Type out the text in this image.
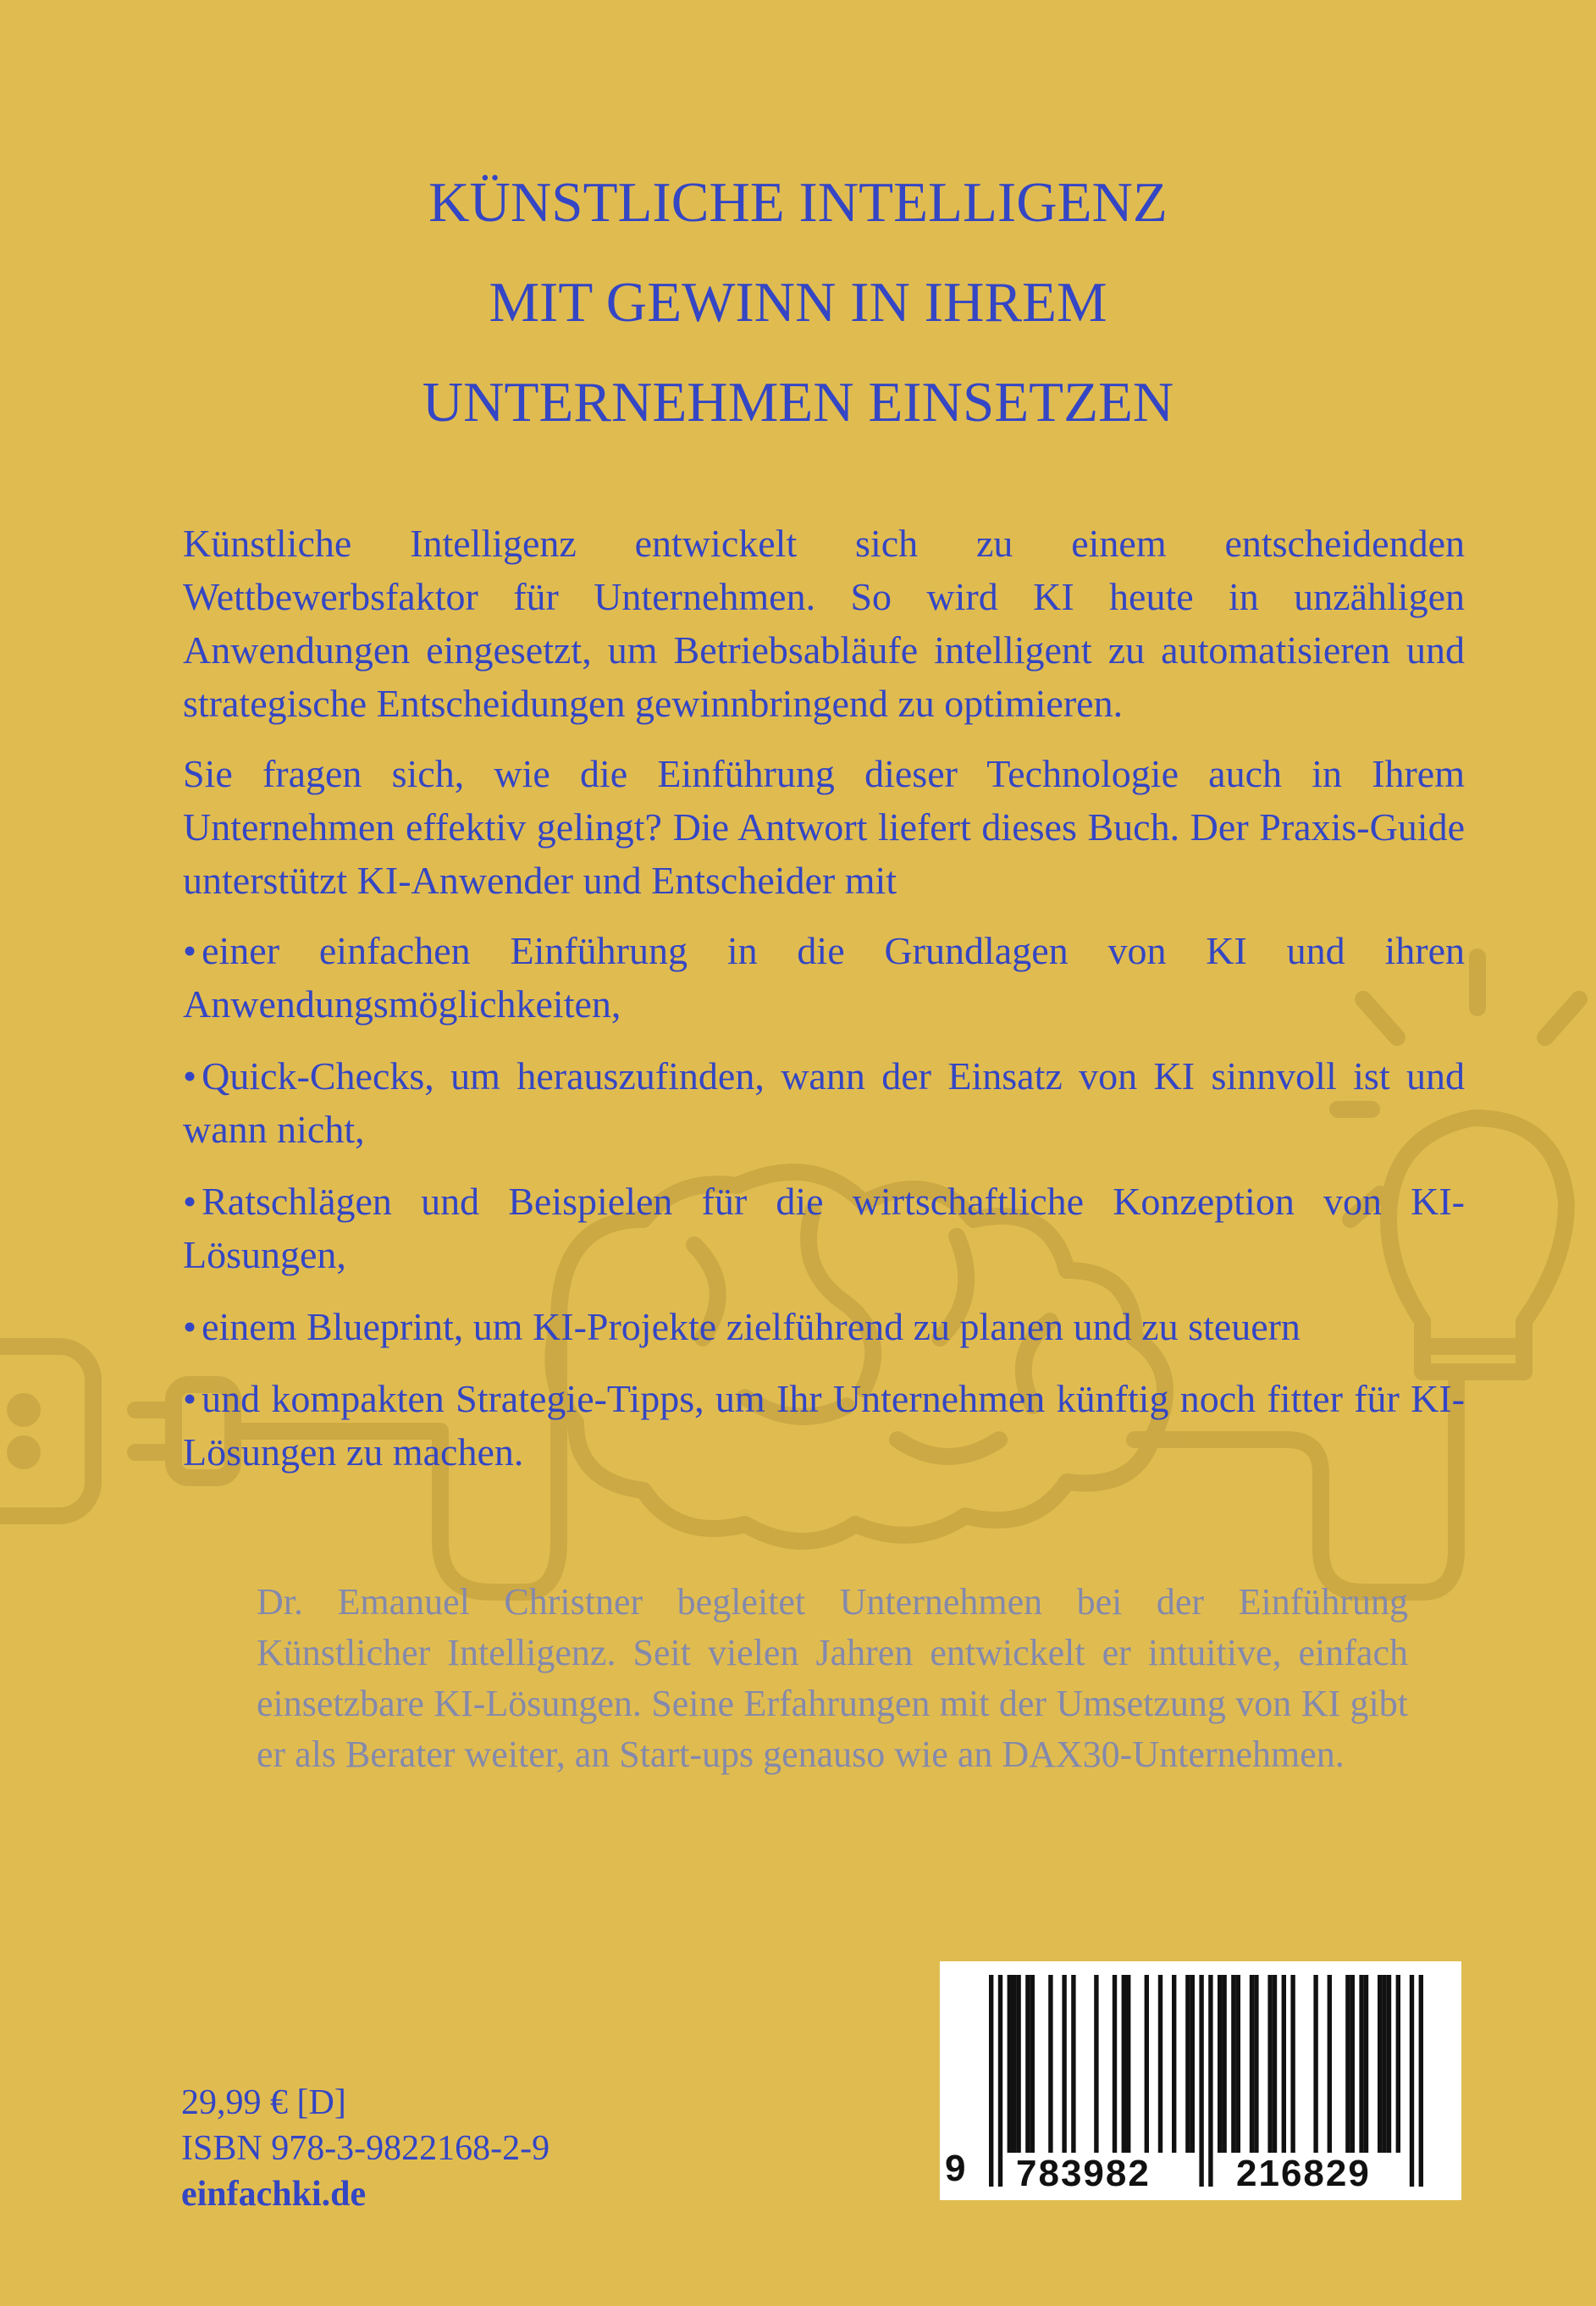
KÜNSTLICHE INTELLIGENZ
MIT GEWINN IN IHREM
UNTERNEHMEN EINSETZEN

Künstliche Intelligenz entwickelt sich zu einem entscheidenden Wettbewerbsfaktor für Unternehmen. So wird KI heute in unzähligen Anwendungen eingesetzt, um Betriebsabläufe intelligent zu automatisieren und strategische Entscheidungen gewinnbringend zu optimieren.

Sie fragen sich, wie die Einführung dieser Technologie auch in Ihrem Unternehmen effektiv gelingt? Die Antwort liefert dieses Buch. Der Praxis-Guide unterstützt KI-Anwender und Entscheider mit

• einer einfachen Einführung in die Grundlagen von KI und ihren Anwendungsmöglichkeiten,
• Quick-Checks, um herauszufinden, wann der Einsatz von KI sinnvoll ist und wann nicht,
• Ratschlägen und Beispielen für die wirtschaftliche Konzeption von KI-Lösungen,
• einem Blueprint, um KI-Projekte zielführend zu planen und zu steuern
• und kompakten Strategie-Tipps, um Ihr Unternehmen künftig noch fitter für KI-Lösungen zu machen.

Dr. Emanuel Christner begleitet Unternehmen bei der Einführung Künstlicher Intelligenz. Seit vielen Jahren entwickelt er intuitive, einfach einsetzbare KI-Lösungen. Seine Erfahrungen mit der Umsetzung von KI gibt er als Berater weiter, an Start-ups genauso wie an DAX30-Unternehmen.

29,99 € [D]
ISBN 978-3-9822168-2-9
einfachki.de
9 783982 216829
